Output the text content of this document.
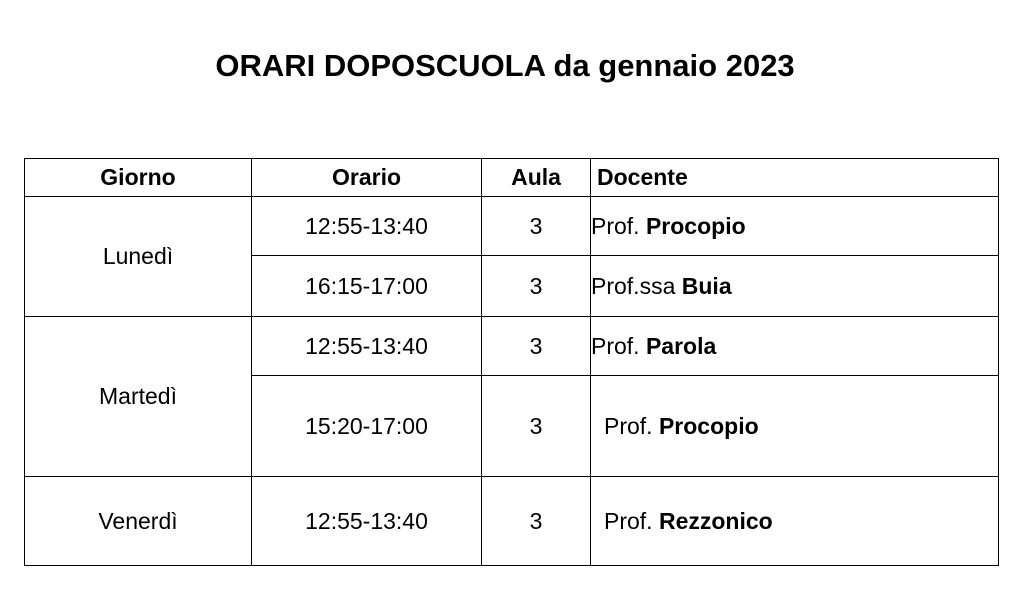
ORARI DOPOSCUOLA da gennaio 2023
Giorno	Orario	Aula	Docente
Lunedì	12:55-13:40	3	Prof. Procopio
	16:15-17:00	3	Prof.ssa Buia
Martedì	12:55-13:40	3	Prof. Parola
	15:20-17:00	3	Prof. Procopio
Venerdì	12:55-13:40	3	Prof. Rezzonico
